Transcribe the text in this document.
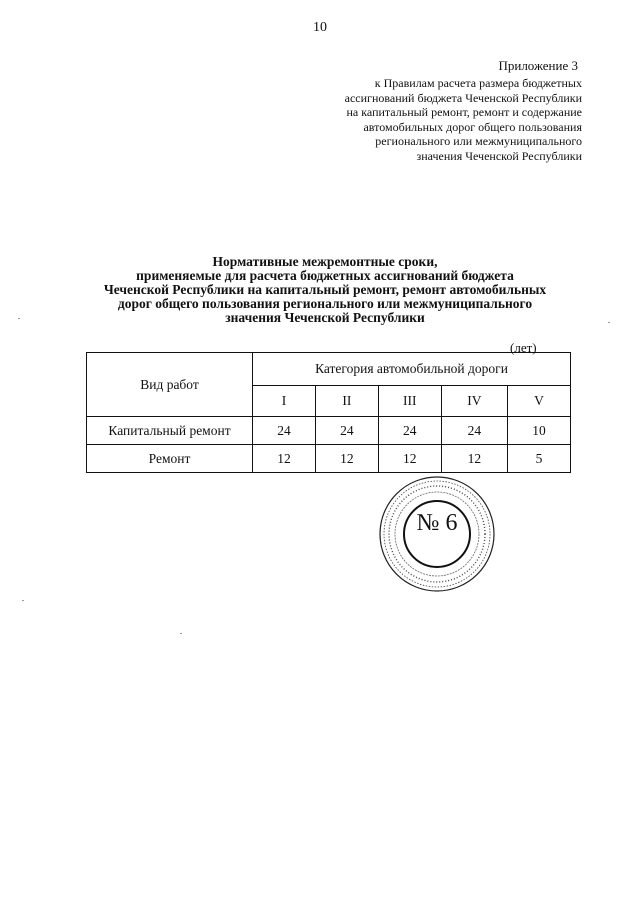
10
Приложение 3
к Правилам расчета размера бюджетных
ассигнований бюджета Чеченской Республики
на капитальный ремонт, ремонт и содержание
автомобильных дорог общего пользования
регионального или межмуниципального
значения Чеченской Республики
Нормативные межремонтные сроки,
применяемые для расчета бюджетных ассигнований бюджета
Чеченской Республики на капитальный ремонт, ремонт автомобильных
дорог общего пользования регионального или межмуниципального
значения Чеченской Республики
(лет)
Вид работ	Категория автомобильной дороги				
	I	II	III	IV	V
Капитальный ремонт	24	24	24	24	10
Ремонт	12	12	12	12	5
№ 6
